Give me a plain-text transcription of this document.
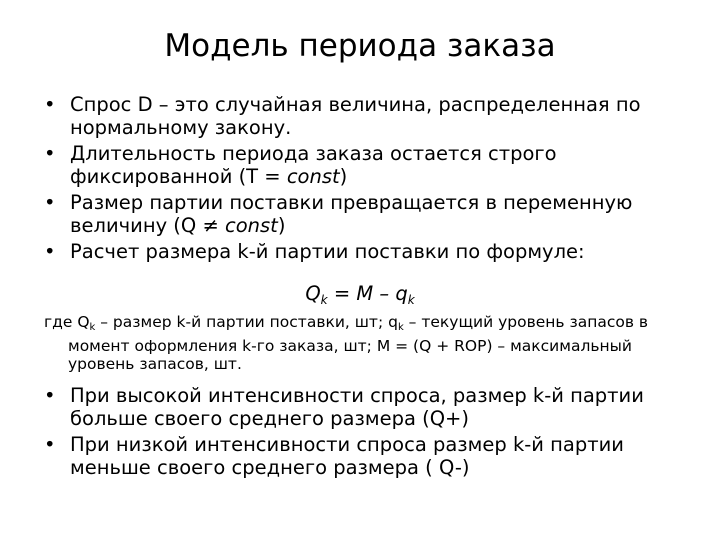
Модель периода заказа
• Спрос D – это случайная величина, распределенная по нормальному закону.
• Длительность периода заказа остается строго фиксированной (T = const)
• Размер партии поставки превращается в переменную величину (Q ≠ const)
• Расчет размера k-й партии поставки по формуле:
$Q_k = M - q_k$
где $Q_k$ – размер k-й партии поставки, шт; $q_k$ – текущий уровень запасов в момент оформления k-го заказа, шт; M = (Q + ROP) – максимальный уровень запасов, шт.
• При высокой интенсивности спроса, размер k-й партии больше своего среднего размера (Q+)
• При низкой интенсивности спроса размер k-й партии меньше своего среднего размера ( Q-)
